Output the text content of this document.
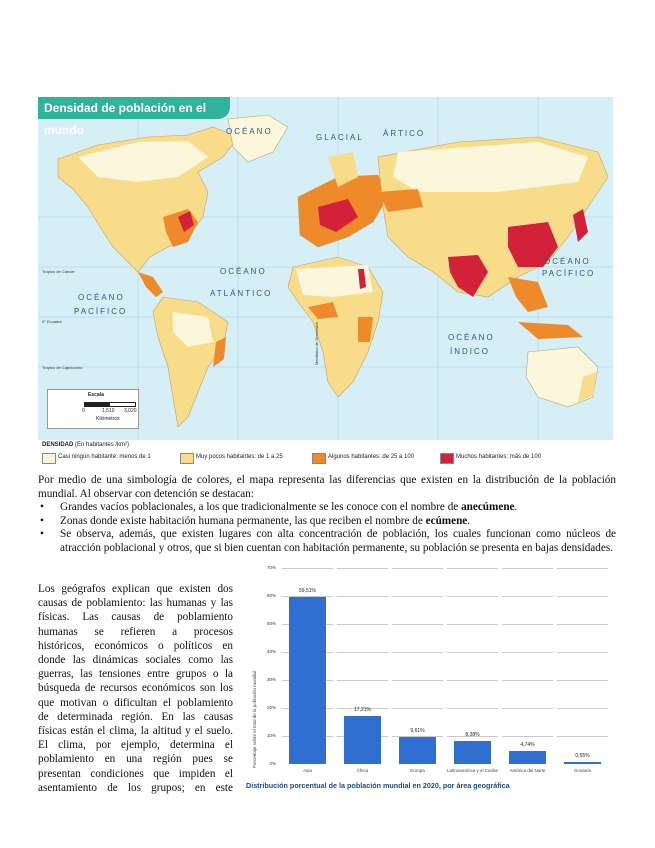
Densidad de población en el mundo	OCÉANO
GLACIAL ÁRTICO
OCÉANO
ATLÁNTICO
OCÉANO
PACÍFICO
OCÉANO
PACÍFICO
OCÉANO
ÍNDICO
Trópico de Cáncer
0° Ecuador
Trópico de Capricornio
Meridiano de Greenwich
Escala
0	1,510 3,020
Kilómetros
DENSIDAD (En habitantes /km²)
Casi ningún habitante: menos de 1	Muy pocos habitantes: de 1 a 25	Algunos habitantes: de 25 a 100	Muchos habitantes: más de 100
Por medio de una simbología de colores, el mapa representa las diferencias que existen en la distribución de la población mundial. Al observar con detención se destacan:
• Grandes vacíos poblacionales, a los que tradicionalmente se les conoce con el nombre de anecúmene.
• Zonas donde existe habitación humana permanente, las que reciben el nombre de ecúmene.
• Se observa, además, que existen lugares con alta concentración de población, los cuales funcionan como núcleos de atracción poblacional y otros, que si bien cuentan con habitación permanente, su población se presenta en bajas densidades.
Los geógrafos explican que existen dos
causas de poblamiento: las humanas y las
físicas. Las causas de poblamiento
humanas se refieren a procesos
históricos, económicos o políticos en
donde las dinámicas sociales como las
guerras, las tensiones entre grupos o la
búsqueda de recursos económicos son los
que motivan o dificultan el poblamiento
de determinada región. En las causas
físicas están el clima, la altitud y el suelo.
El clima, por ejemplo, determina el
poblamiento en una región pues se
presentan condiciones que impiden el
asentamiento de los grupos; en este
Porcentaje sobre el total de la población mundial	0%
10%
20%
30%
40%
50%
60%
70%
59,51%
Asia
17,21%
África
9,61%
Europa
8,38%
Latinoamérica y el Caribe
4,74%
América del Norte
0,55%
Oceanía
Distribución porcentual de la población mundial en 2020, por área geográfica
